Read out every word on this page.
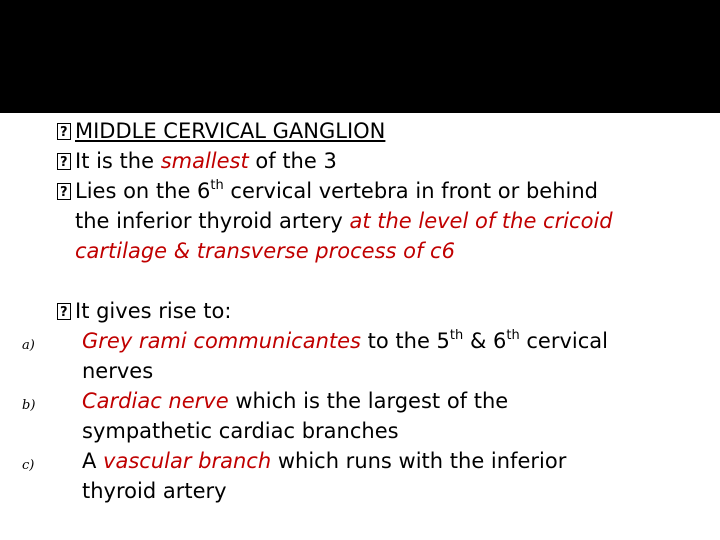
?MIDDLE CERVICAL GANGLION
?It is the smallest of the 3
?Lies on the 6th cervical vertebra in front or behind
the inferior thyroid artery at the level of the cricoid
cartilage & transverse process of c6
?It gives rise to:
a) Grey rami communicantes to the 5th & 6th cervical
nerves
b) Cardiac nerve which is the largest of the
sympathetic cardiac branches
c) A vascular branch which runs with the inferior
thyroid artery
